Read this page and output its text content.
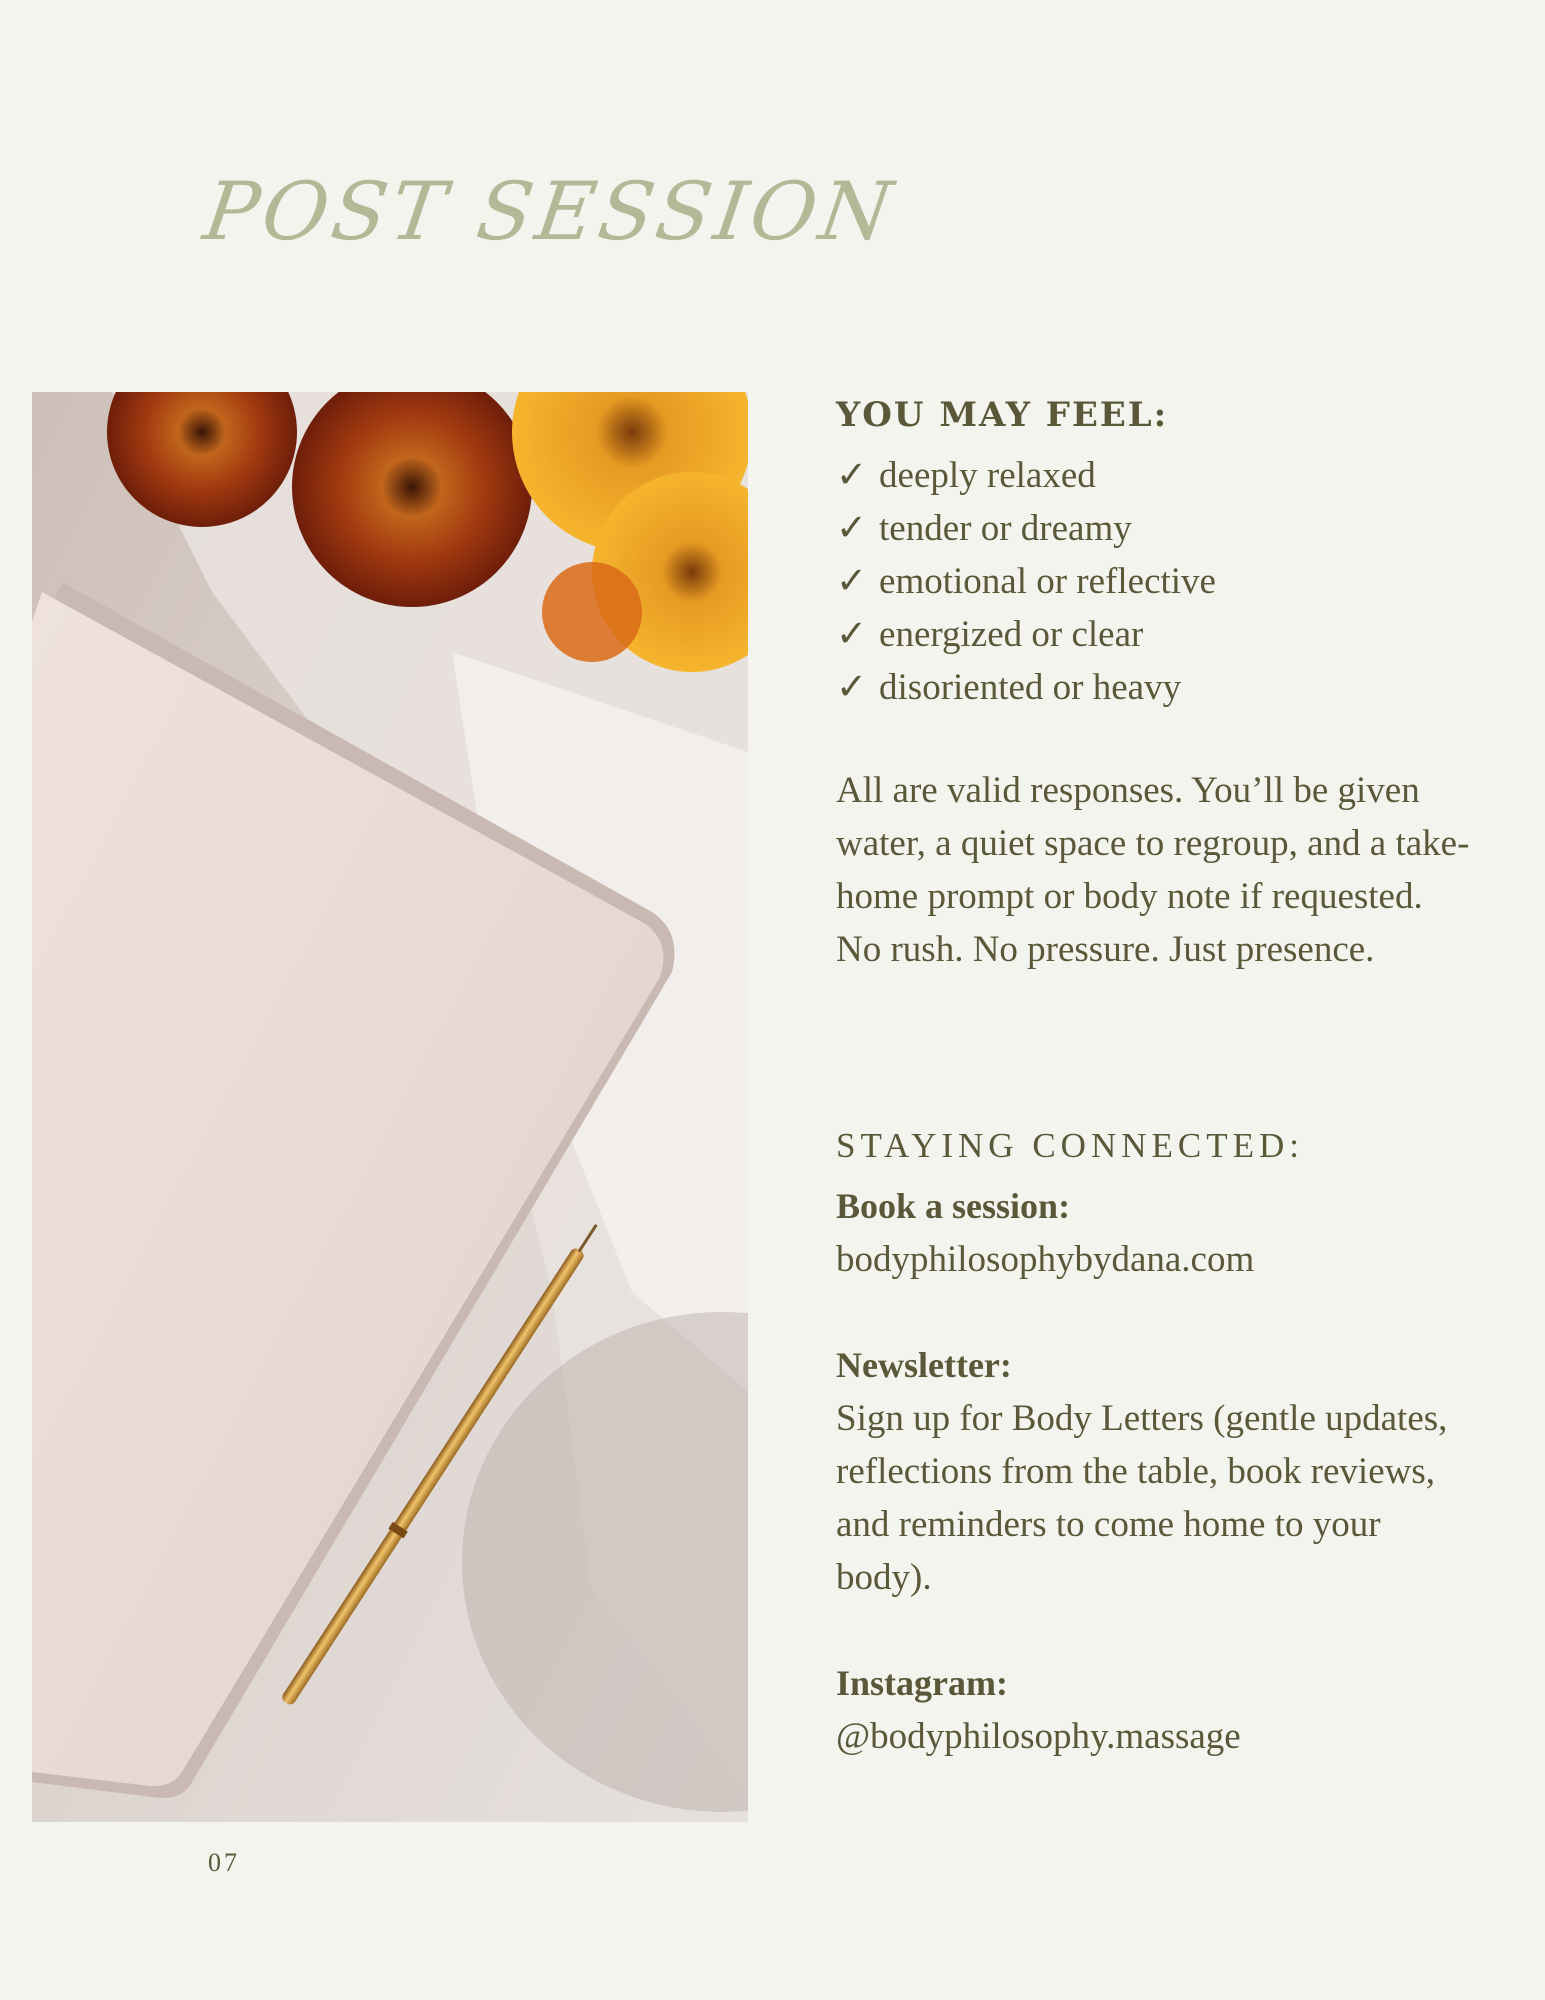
POST SESSION
07
YOU MAY FEEL:
✓ deeply relaxed
✓ tender or dreamy
✓ emotional or reflective
✓ energized or clear
✓ disoriented or heavy

All are valid responses. You’ll be given water, a quiet space to regroup, and a take-home prompt or body note if requested. No rush. No pressure. Just presence.

STAYING CONNECTED:
Book a session:
bodyphilosophybydana.com
Newsletter:
Sign up for Body Letters (gentle updates, reflections from the table, book reviews, and reminders to come home to your body).
Instagram:
@bodyphilosophy.massage
